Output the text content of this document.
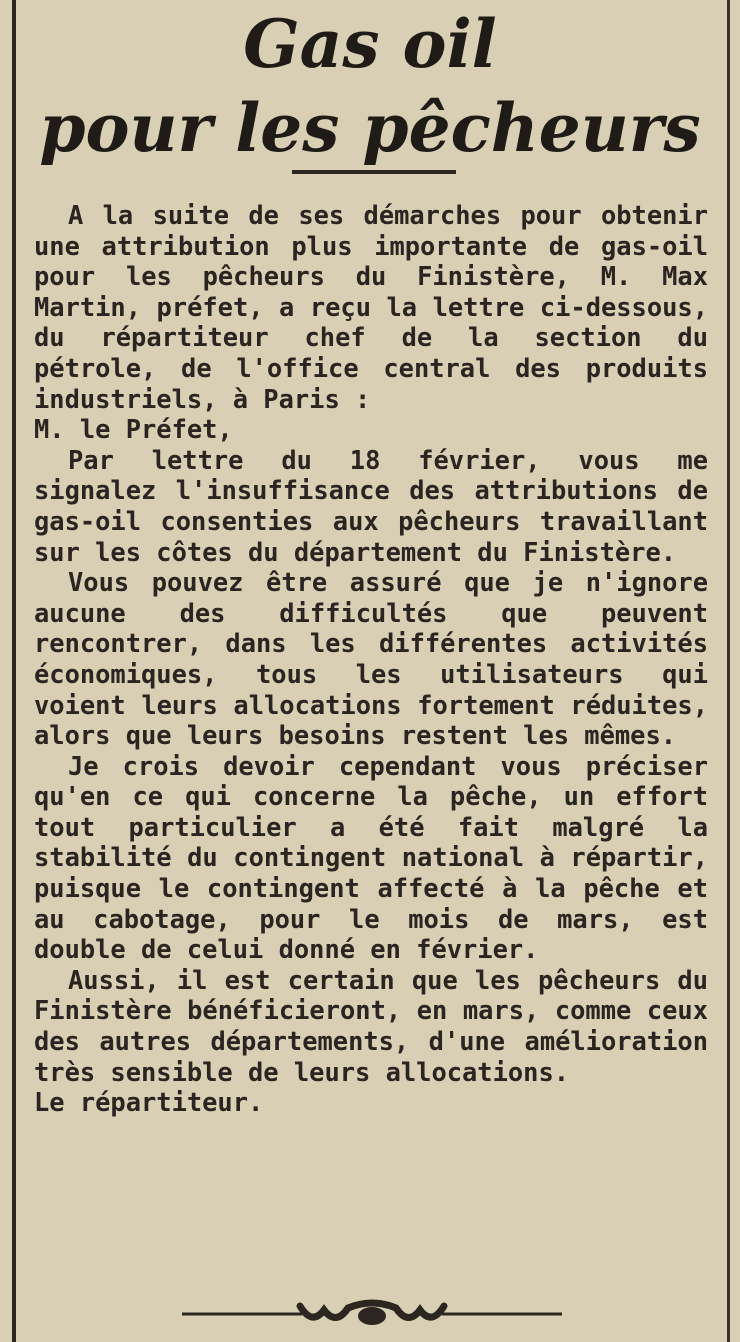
Gas oil
pour les pêcheurs

A la suite de ses démarches pour obtenir une attribution plus importante de gas-oil pour les pêcheurs du Finistère, M. Max Martin, préfet, a reçu la lettre ci-dessous, du répartiteur chef de la section du pétrole, de l'office central des produits industriels, à Paris :

M. le Préfet,

Par lettre du 18 février, vous me signalez l'insuffisance des attributions de gas-oil consenties aux pêcheurs travaillant sur les côtes du département du Finistère.

Vous pouvez être assuré que je n'ignore aucune des difficultés que peuvent rencontrer, dans les différentes activités économiques, tous les utilisateurs qui voient leurs allocations fortement réduites, alors que leurs besoins restent les mêmes.

Je crois devoir cependant vous préciser qu'en ce qui concerne la pêche, un effort tout particulier a été fait malgré la stabilité du contingent national à répartir, puisque le contingent affecté à la pêche et au cabotage, pour le mois de mars, est double de celui donné en février.

Aussi, il est certain que les pêcheurs du Finistère bénéficieront, en mars, comme ceux des autres départements, d'une amélioration très sensible de leurs allocations.

Le répartiteur.
